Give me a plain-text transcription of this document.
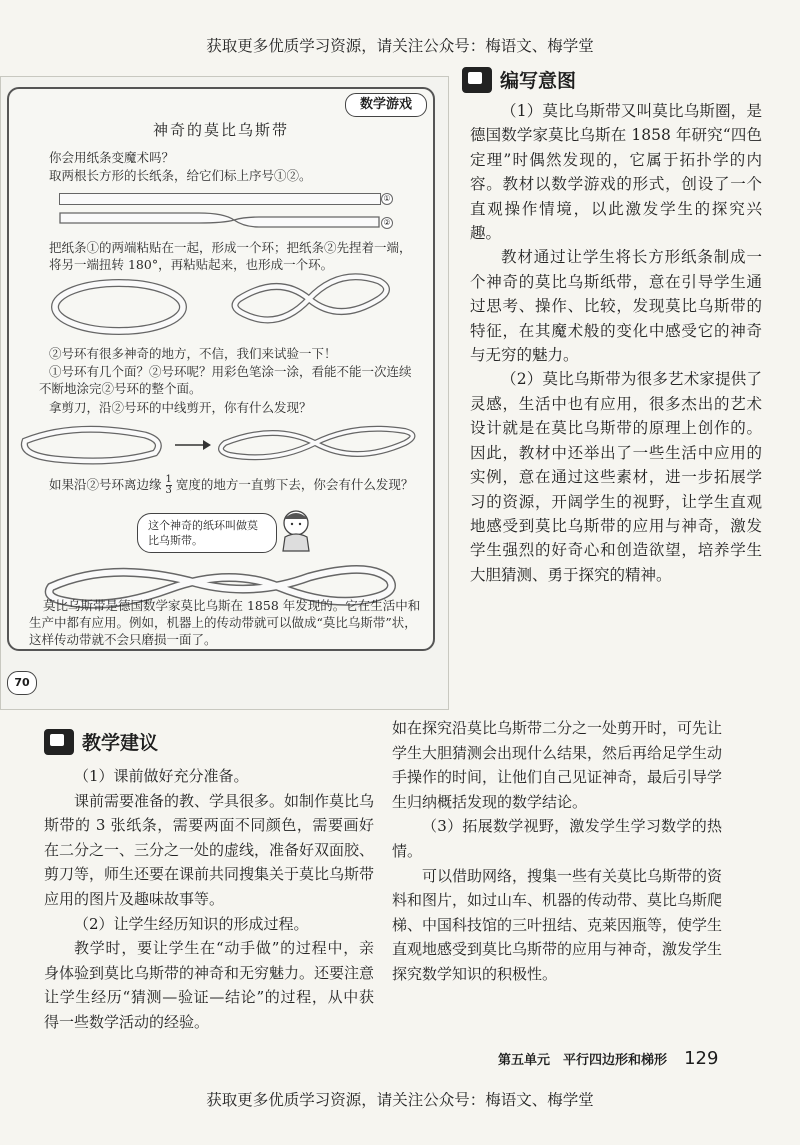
获取更多优质学习资源，请关注公众号：梅语文、梅学堂
数学游戏
神奇的莫比乌斯带
你会用纸条变魔术吗？
取两根长方形的长纸条，给它们标上序号①②。
①
②
把纸条①的两端粘贴在一起，形成一个环；把纸条②先捏着一端，将另一端扭转 180°，再粘贴起来，也形成一个环。
②号环有很多神奇的地方，不信，我们来试验一下！
①号环有几个面？②号环呢？用彩色笔涂一涂，看能不能一次连续不断地涂完②号环的整个面。
拿剪刀，沿②号环的中线剪开，你有什么发现？
如果沿②号环离边缘 $\frac{1}{3}$ 宽度的地方一直剪下去，你会有什么发现？
这个神奇的纸环叫做莫比乌斯带。
莫比乌斯带是德国数学家莫比乌斯在 1858 年发现的。它在生活中和生产中都有应用。例如，机器上的传动带就可以做成“莫比乌斯带”状，这样传动带就不会只磨损一面了。
70
编写意图

（1）莫比乌斯带又叫莫比乌斯圈，是德国数学家莫比乌斯在 1858 年研究“四色定理”时偶然发现的，它属于拓扑学的内容。教材以数学游戏的形式，创设了一个直观操作情境，以此激发学生的探究兴趣。

教材通过让学生将长方形纸条制成一个神奇的莫比乌斯纸带，意在引导学生通过思考、操作、比较，发现莫比乌斯带的特征，在其魔术般的变化中感受它的神奇与无穷的魅力。

（2）莫比乌斯带为很多艺术家提供了灵感，生活中也有应用，很多杰出的艺术设计就是在莫比乌斯带的原理上创作的。因此，教材中还举出了一些生活中应用的实例，意在通过这些素材，进一步拓展学习的资源，开阔学生的视野，让学生直观地感受到莫比乌斯带的应用与神奇，激发学生强烈的好奇心和创造欲望，培养学生大胆猜测、勇于探究的精神。

教学建议

（1）课前做好充分准备。

课前需要准备的教、学具很多。如制作莫比乌斯带的 3 张纸条，需要两面不同颜色，需要画好在二分之一、三分之一处的虚线，准备好双面胶、剪刀等，师生还要在课前共同搜集关于莫比乌斯带应用的图片及趣味故事等。

（2）让学生经历知识的形成过程。

教学时，要让学生在“动手做”的过程中，亲身体验到莫比乌斯带的神奇和无穷魅力。还要注意让学生经历“猜测—验证—结论”的过程，从中获得一些数学活动的经验。

如在探究沿莫比乌斯带二分之一处剪开时，可先让学生大胆猜测会出现什么结果，然后再给足学生动手操作的时间，让他们自己见证神奇，最后引导学生归纳概括发现的数学结论。

（3）拓展数学视野，激发学生学习数学的热情。

可以借助网络，搜集一些有关莫比乌斯带的资料和图片，如过山车、机器的传动带、莫比乌斯爬梯、中国科技馆的三叶扭结、克莱因瓶等，使学生直观地感受到莫比乌斯带的应用与神奇，激发学生探究数学知识的积极性。

第五单元　平行四边形和梯形 129
获取更多优质学习资源，请关注公众号：梅语文、梅学堂
